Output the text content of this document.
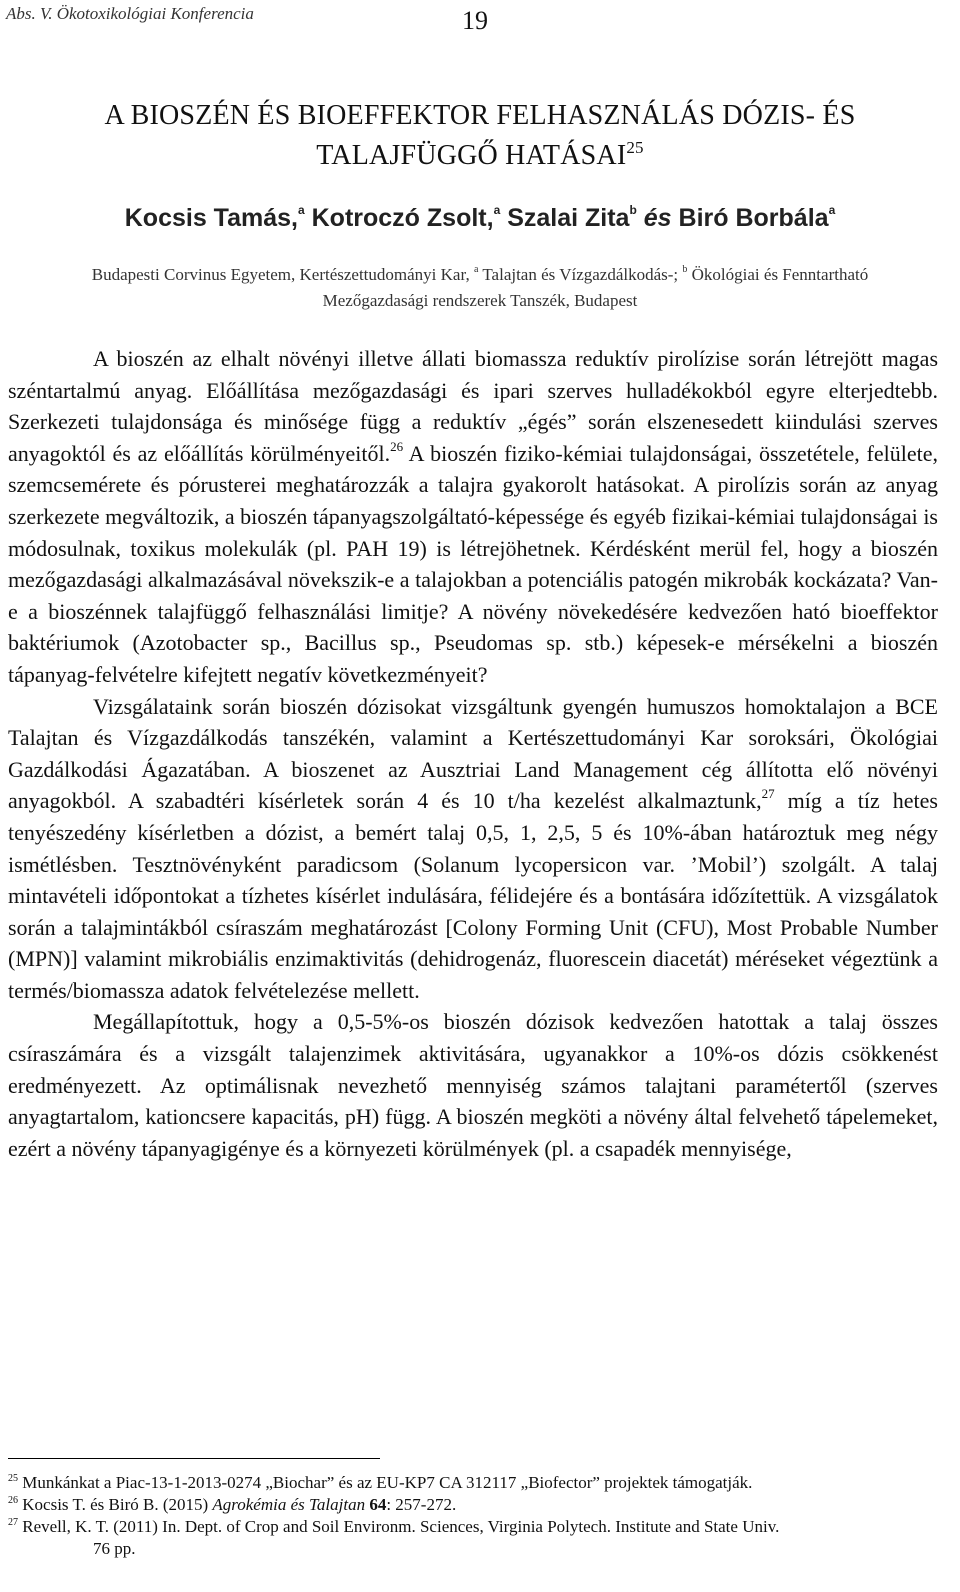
Abs. V. Ökotoxikológiai Konferencia	19
A BIOSZÉN ÉS BIOEFFEKTOR FELHASZNÁLÁS DÓZIS- ÉS
TALAJFÜGGŐ HATÁSAI$^{25}$
Kocsis Tamás,$^a$ Kotroczó Zsolt,$^a$ Szalai Zita$^b$ és Biró Borbála$^a$
Budapesti Corvinus Egyetem, Kertészettudományi Kar, $^a$ Talajtan és Vízgazdálkodás-; $^b$ Ökológiai és Fenntartható
Mezőgazdasági rendszerek Tanszék, Budapest

A bioszén az elhalt növényi illetve állati biomassza reduktív pirolízise során létrejött magas széntartalmú anyag. Előállítása mezőgazdasági és ipari szerves hulladékokból egyre elterjedtebb. Szerkezeti tulajdonsága és minősége függ a reduktív „égés” során elszenesedett kiindulási szerves anyagoktól és az előállítás körülményeitől.$^{26}$ A bioszén fiziko-kémiai tulajdonságai, összetétele, felülete, szemcsemérete és pórusterei meghatározzák a talajra gyakorolt hatásokat. A pirolízis során az anyag szerkezete megváltozik, a bioszén tápanyagszolgáltató-képessége és egyéb fizikai-kémiai tulajdonságai is módosulnak, toxikus molekulák (pl. PAH 19) is létrejöhetnek. Kérdésként merül fel, hogy a bioszén mezőgazdasági alkalmazásával növekszik-e a talajokban a potenciális patogén mikrobák kockázata? Van-e a bioszénnek talajfüggő felhasználási limitje? A növény növekedésére kedvezően ható bioeffektor baktériumok (Azotobacter sp., Bacillus sp., Pseudomas sp. stb.) képesek-e mérsékelni a bioszén tápanyag-felvételre kifejtett negatív következményeit?

Vizsgálataink során bioszén dózisokat vizsgáltunk gyengén humuszos homoktalajon a BCE Talajtan és Vízgazdálkodás tanszékén, valamint a Kertészettudományi Kar soroksári, Ökológiai Gazdálkodási Ágazatában. A bioszenet az Ausztriai Land Management cég állította elő növényi anyagokból. A szabadtéri kísérletek során 4 és 10 t/ha kezelést alkalmaztunk,$^{27}$ míg a tíz hetes tenyészedény kísérletben a dózist, a bemért talaj 0,5, 1, 2,5, 5 és 10%-ában határoztuk meg négy ismétlésben. Tesztnövényként paradicsom (Solanum lycopersicon var. ’Mobil’) szolgált. A talaj mintavételi időpontokat a tízhetes kísérlet indulására, félidejére és a bontására időzítettük. A vizsgálatok során a talajmintákból csíraszám meghatározást [Colony Forming Unit (CFU), Most Probable Number (MPN)] valamint mikrobiális enzimaktivitás (dehidrogenáz, fluorescein diacetát) méréseket végeztünk a termés/biomassza adatok felvételezése mellett.

Megállapítottuk, hogy a 0,5-5%-os bioszén dózisok kedvezően hatottak a talaj összes csíraszámára és a vizsgált talajenzimek aktivitására, ugyanakkor a 10%-os dózis csökkenést eredményezett. Az optimálisnak nevezhető mennyiség számos talajtani paramétertől (szerves anyagtartalom, kationcsere kapacitás, pH) függ. A bioszén megköti a növény által felvehető tápelemeket, ezért a növény tápanyagigénye és a környezeti körülmények (pl. a csapadék mennyisége,

$^{25}$ Munkánkat a Piac-13-1-2013-0274 „Biochar” és az EU-KP7 CA 312117 „Biofector” projektek támogatják.
$^{26}$ Kocsis T. és Biró B. (2015) Agrokémia és Talajtan 64: 257-272.
$^{27}$ Revell, K. T. (2011) In. Dept. of Crop and Soil Environm. Sciences, Virginia Polytech. Institute and State Univ.
76 pp.
